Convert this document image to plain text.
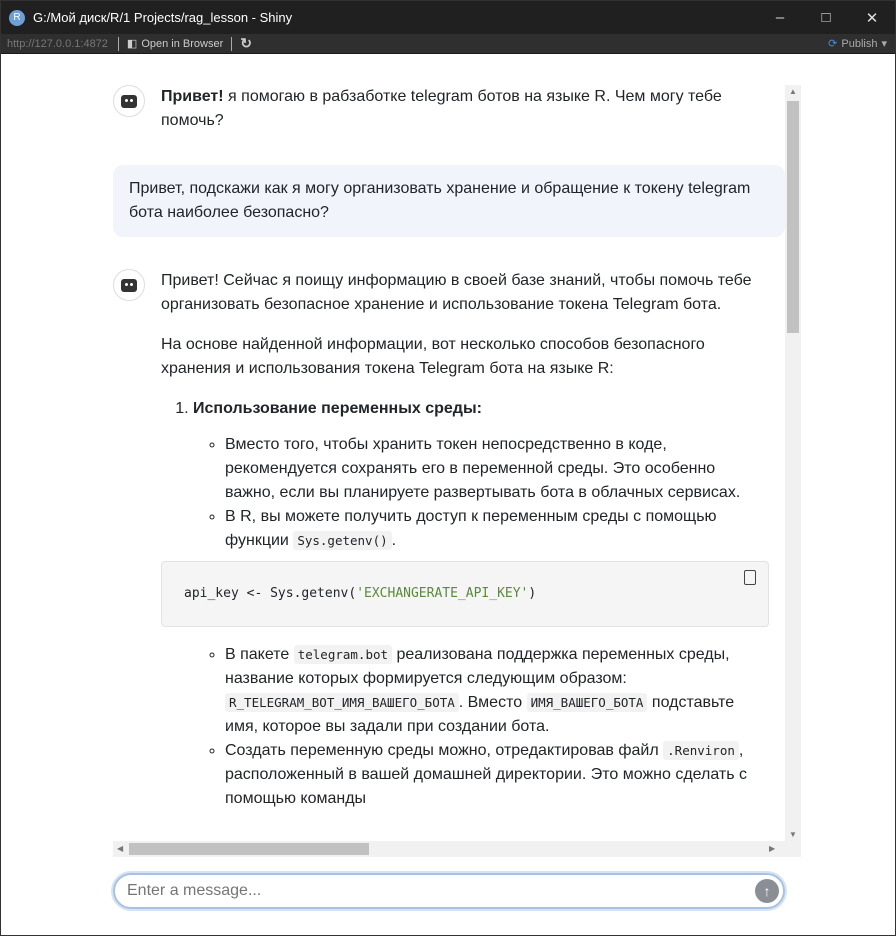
R G:/Мой диск/R/1 Projects/rag_lesson - Shiny	–	□	✕
http://127.0.0.1:4872	◧ Open in Browser ↻	⟳ Publish ▾
Привет! я помогаю в рабзаботке telegram ботов на языке R. Чем могу тебе помочь?
Привет, подскажи как я могу организовать хранение и обращение к токену telegram бота наиболее безопасно?

Привет! Сейчас я поищу информацию в своей базе знаний, чтобы помочь тебе организовать безопасное хранение и использование токена Telegram бота.

На основе найденной информации, вот несколько способов безопасного хранения и использования токена Telegram бота на языке R:

1. Использование переменных среды:
◦ Вместо того, чтобы хранить токен непосредственно в коде, рекомендуется сохранять его в переменной среды. Это особенно важно, если вы планируете развертывать бота в облачных сервисах.
◦ В R, вы можете получить доступ к переменным среды с помощью функции Sys.getenv() .
api_key <- Sys.getenv('EXCHANGERATE_API_KEY')
◦ В пакете telegram.bot реализована поддержка переменных среды, название которых формируется следующим образом: R_TELEGRAM_BOT_ИМЯ_ВАШЕГО_БОТА . Вместо ИМЯ_ВАШЕГО_БОТА подставьте имя, которое вы задали при создании бота.
◦ Создать переменную среды можно, отредактировав файл .Renviron , расположенный в вашей домашней директории. Это можно сделать с помощью команды
▲
▼
◀	▶
Enter a message...
↑
